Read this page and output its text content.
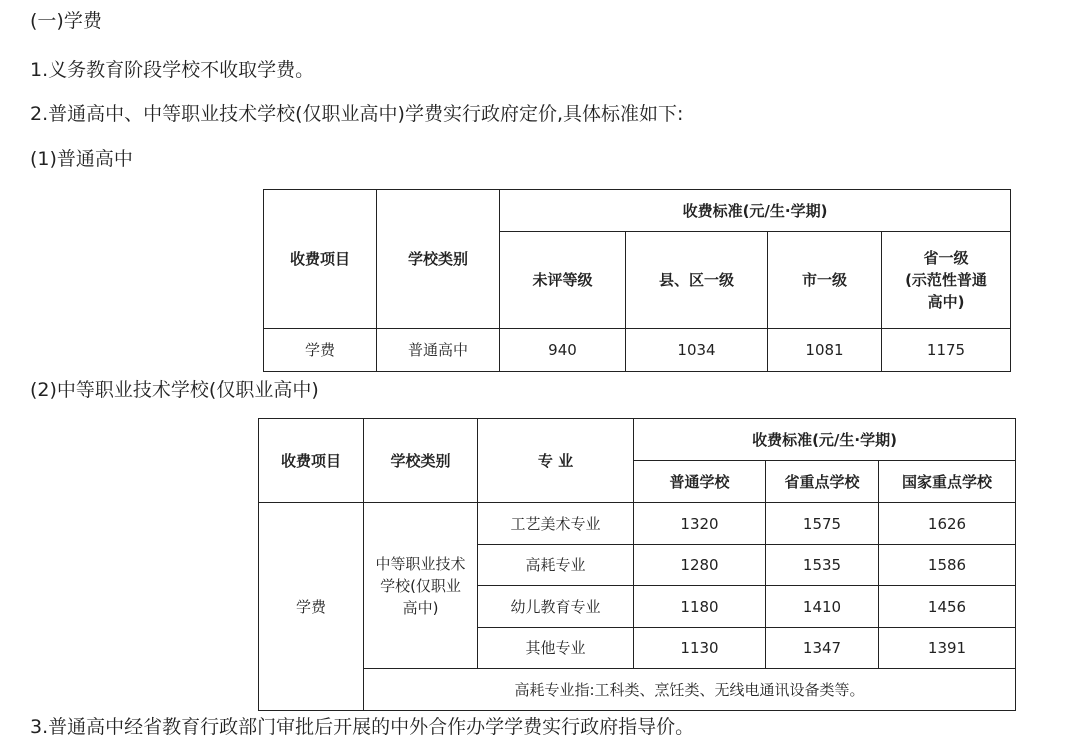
(一)学费
1.义务教育阶段学校不收取学费。
2.普通高中、中等职业技术学校(仅职业高中)学费实行政府定价,具体标准如下:
(1)普通高中
收费项目	学校类别	收费标准(元/生·学期)			
		未评等级	县、区一级	市一级	省一级
(示范性普通
高中)

学费	普通高中	940	1034	1081	1175
(2)中等职业技术学校(仅职业高中)
收费项目	学校类别	专 业	收费标准(元/生·学期)		
			普通学校	省重点学校	国家重点学校
学费	中等职业技术
学校(仅职业
高中)	工艺美术专业	1320	1575	1626
		高耗专业	1280	1535	1586
		幼儿教育专业	1180	1410	1456
		其他专业	1130	1347	1391
	高耗专业指:工科类、烹饪类、无线电通讯设备类等。				
3.普通高中经省教育行政部门审批后开展的中外合作办学学费实行政府指导价。
